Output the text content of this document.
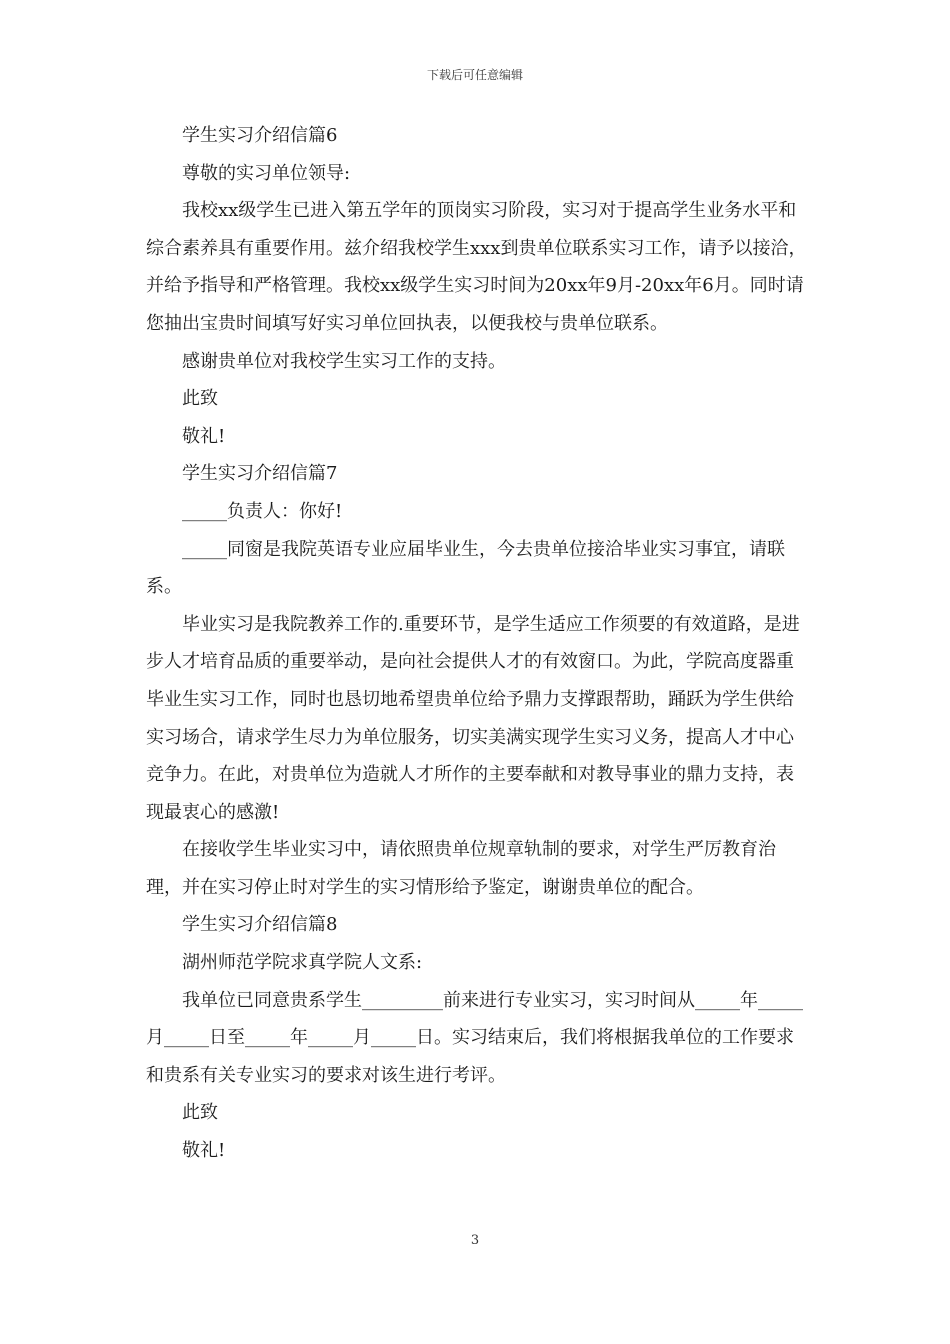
下载后可任意编辑

学生实习介绍信篇6

尊敬的实习单位领导:

我校xx级学生已进入第五学年的顶岗实习阶段，实习对于提高学生业务水平和综合素养具有重要作用。兹介绍我校学生xxx到贵单位联系实习工作，请予以接洽，并给予指导和严格管理。我校xx级学生实习时间为20xx年9月-20xx年6月。同时请您抽出宝贵时间填写好实习单位回执表，以便我校与贵单位联系。

感谢贵单位对我校学生实习工作的支持。

此致

敬礼!

学生实习介绍信篇7

_____负责人：你好!

_____同窗是我院英语专业应届毕业生，今去贵单位接洽毕业实习事宜，请联系。

毕业实习是我院教养工作的.重要环节，是学生适应工作须要的有效道路，是进步人才培育品质的重要举动，是向社会提供人才的有效窗口。为此，学院高度器重毕业生实习工作，同时也恳切地希望贵单位给予鼎力支撑跟帮助，踊跃为学生供给实习场合，请求学生尽力为单位服务，切实美满实现学生实习义务，提高人才中心竞争力。在此，对贵单位为造就人才所作的主要奉献和对教导事业的鼎力支持，表现最衷心的感激!

在接收学生毕业实习中，请依照贵单位规章轨制的要求，对学生严厉教育治理，并在实习停止时对学生的实习情形给予鉴定，谢谢贵单位的配合。

学生实习介绍信篇8

湖州师范学院求真学院人文系:

我单位已同意贵系学生_________前来进行专业实习，实习时间从_____年_____月_____日至_____年_____月_____日。实习结束后，我们将根据我单位的工作要求和贵系有关专业实习的要求对该生进行考评。

此致

敬礼!

3
